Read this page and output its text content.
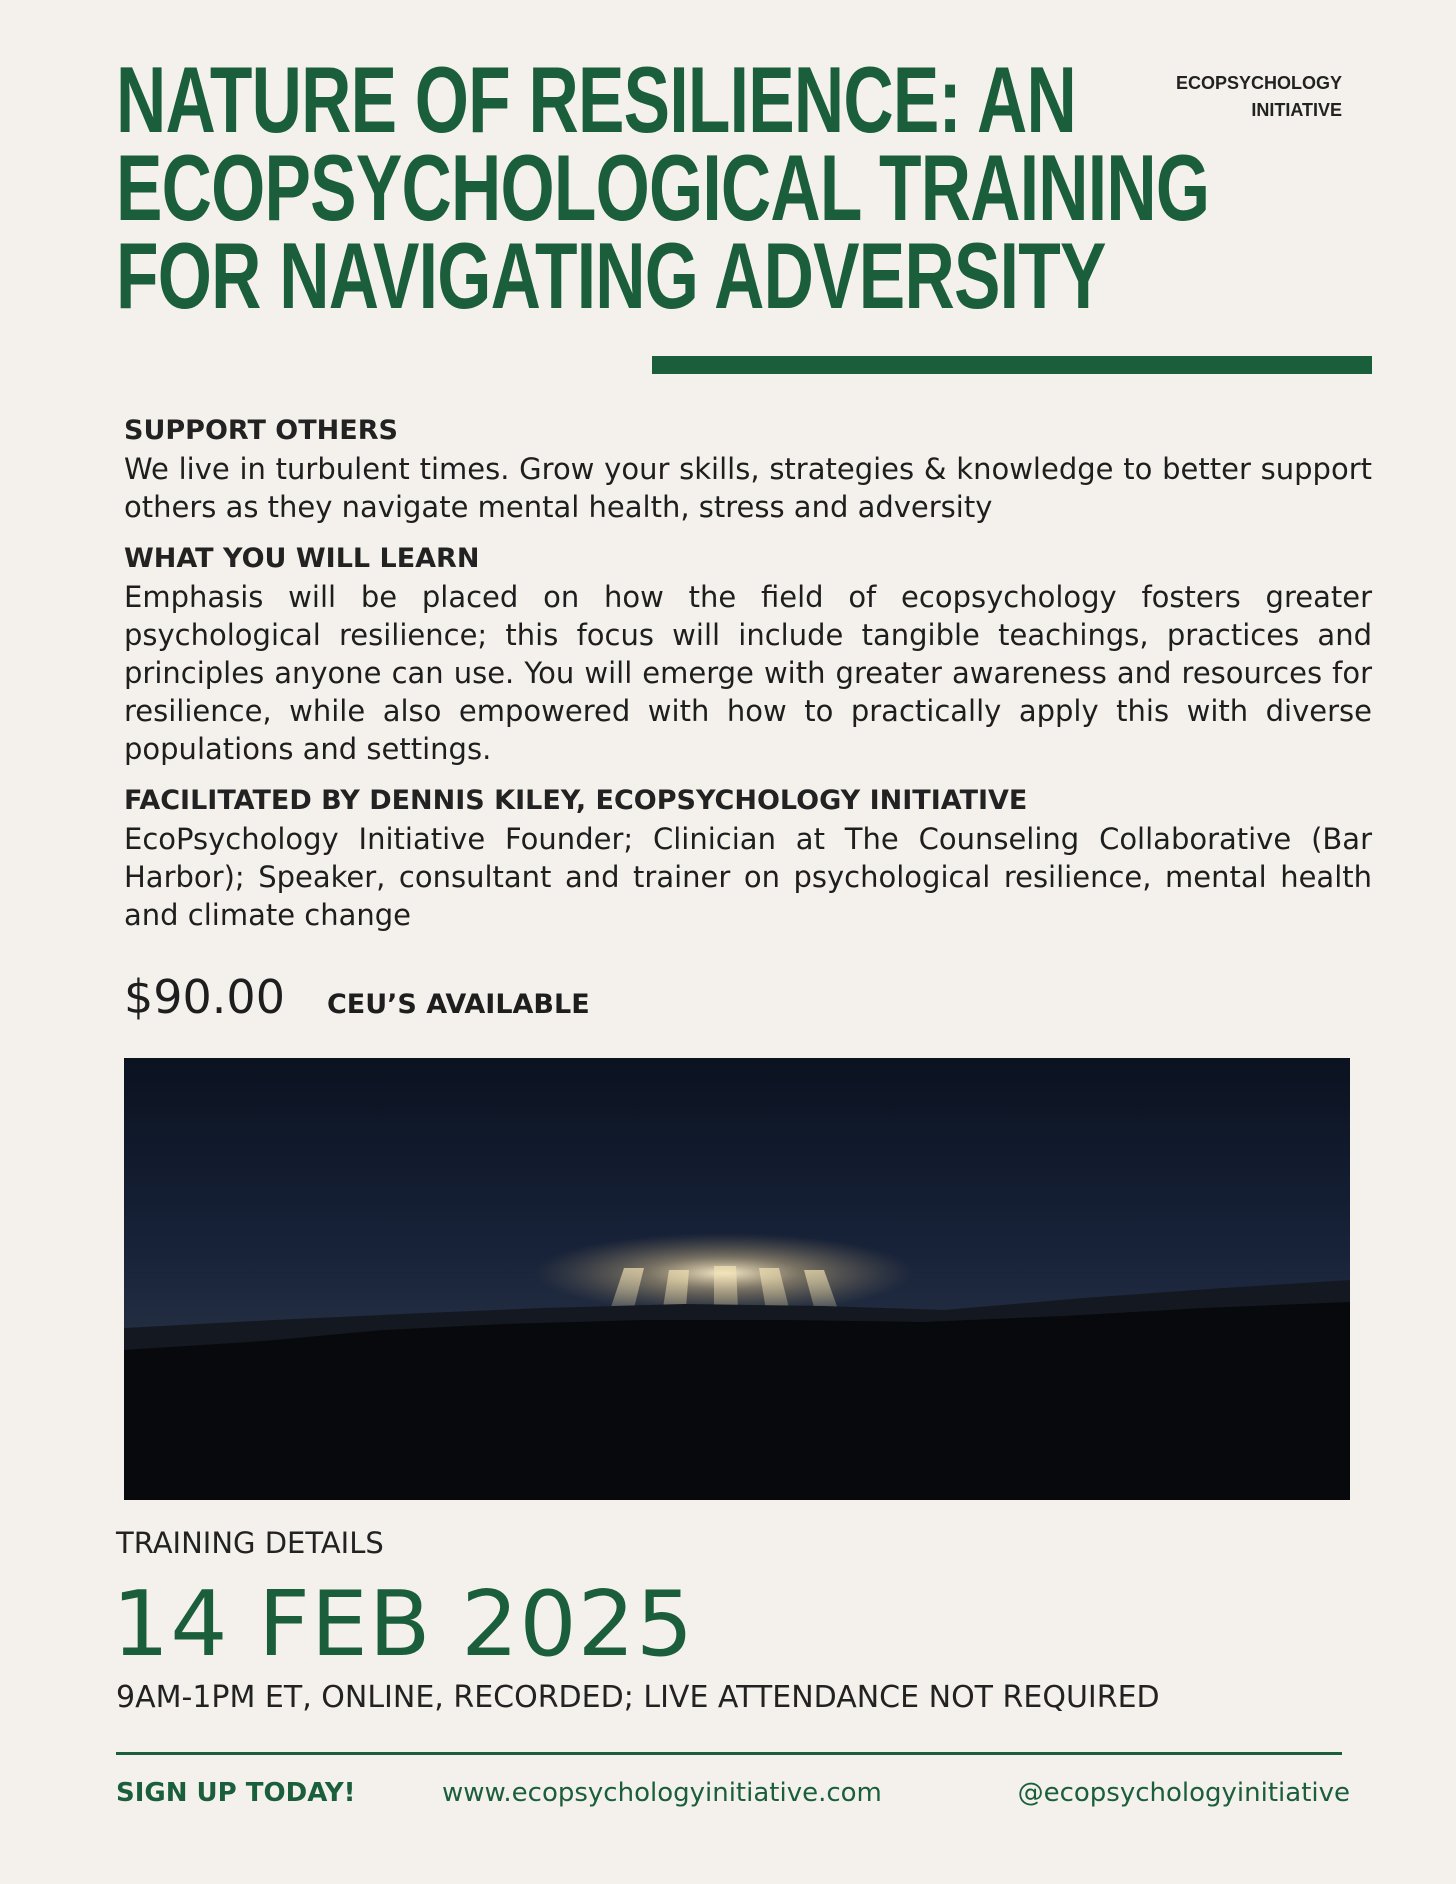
NATURE OF RESILIENCE: AN
ECOPSYCHOLOGICAL TRAINING
FOR NAVIGATING ADVERSITY
ECOPSYCHOLOGY
INITIATIVE

SUPPORT OTHERS

We live in turbulent times. Grow your skills, strategies & knowledge to better support others as they navigate mental health, stress and adversity

WHAT YOU WILL LEARN

Emphasis will be placed on how the field of ecopsychology fosters greater psychological resilience; this focus will include tangible teachings, practices and principles anyone can use. You will emerge with greater awareness and resources for resilience, while also empowered with how to practically apply this with diverse populations and settings.

FACILITATED BY DENNIS KILEY, ECOPSYCHOLOGY INITIATIVE

EcoPsychology Initiative Founder; Clinician at The Counseling Collaborative (Bar Harbor); Speaker, consultant and trainer on psychological resilience, mental health and climate change

$90.00 CEU’S AVAILABLE
TRAINING DETAILS
14 FEB 2025
9AM-1PM ET, ONLINE, RECORDED; LIVE ATTENDANCE NOT REQUIRED
SIGN UP TODAY!	www.ecopsychologyinitiative.com	@ecopsychologyinitiative
